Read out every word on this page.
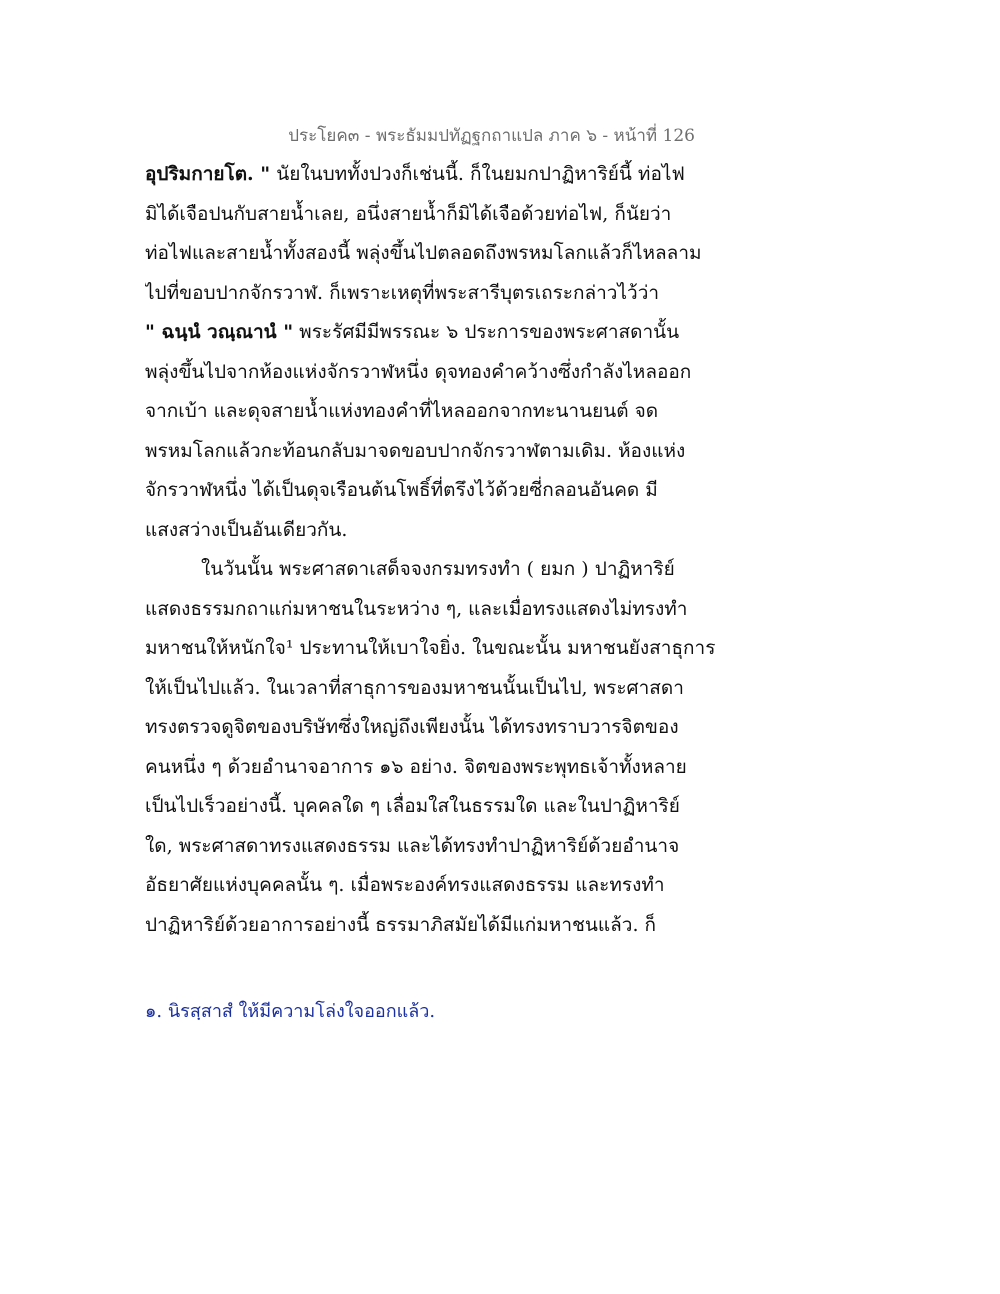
ประโยค๓ - พระธัมมปทัฏฐกถาแปล ภาค ๖ - หน้าที่ 126
อุปริมกายโต. " นัยในบททั้งปวงก็เช่นนี้. ก็ในยมกปาฏิหาริย์นี้ ท่อไฟ
มิได้เจือปนกับสายน้ำเลย, อนึ่งสายน้ำก็มิได้เจือด้วยท่อไฟ, ก็นัยว่า
ท่อไฟและสายน้ำทั้งสองนี้ พลุ่งขึ้นไปตลอดถึงพรหมโลกแล้วก็ไหลลาม
ไปที่ขอบปากจักรวาฬ. ก็เพราะเหตุที่พระสารีบุตรเถระกล่าวไว้ว่า
" ฉนฺนํ วณฺณานํ " พระรัศมีมีพรรณะ ๖ ประการของพระศาสดานั้น
พลุ่งขึ้นไปจากห้องแห่งจักรวาฬหนึ่ง ดุจทองคำคว้างซึ่งกำลังไหลออก
จากเบ้า และดุจสายน้ำแห่งทองคำที่ไหลออกจากทะนานยนต์ จด
พรหมโลกแล้วกะท้อนกลับมาจดขอบปากจักรวาฬตามเดิม. ห้องแห่ง
จักรวาฬหนึ่ง ได้เป็นดุจเรือนต้นโพธิ์ที่ตรึงไว้ด้วยซี่กลอนอันคด มี
แสงสว่างเป็นอันเดียวกัน.
ในวันนั้น พระศาสดาเสด็จจงกรมทรงทำ ( ยมก ) ปาฏิหาริย์
แสดงธรรมกถาแก่มหาชนในระหว่าง ๆ, และเมื่อทรงแสดงไม่ทรงทำ
มหาชนให้หนักใจ¹ ประทานให้เบาใจยิ่ง. ในขณะนั้น มหาชนยังสาธุการ
ให้เป็นไปแล้ว. ในเวลาที่สาธุการของมหาชนนั้นเป็นไป, พระศาสดา
ทรงตรวจดูจิตของบริษัทซึ่งใหญ่ถึงเพียงนั้น ได้ทรงทราบวารจิตของ
คนหนึ่ง ๆ ด้วยอำนาจอาการ ๑๖ อย่าง. จิตของพระพุทธเจ้าทั้งหลาย
เป็นไปเร็วอย่างนี้. บุคคลใด ๆ เลื่อมใสในธรรมใด และในปาฏิหาริย์
ใด, พระศาสดาทรงแสดงธรรม และได้ทรงทำปาฏิหาริย์ด้วยอำนาจ
อัธยาศัยแห่งบุคคลนั้น ๆ. เมื่อพระองค์ทรงแสดงธรรม และทรงทำ
ปาฏิหาริย์ด้วยอาการอย่างนี้ ธรรมาภิสมัยได้มีแก่มหาชนแล้ว. ก็
๑. นิรสฺสาสํ ให้มีความโล่งใจออกแล้ว.
